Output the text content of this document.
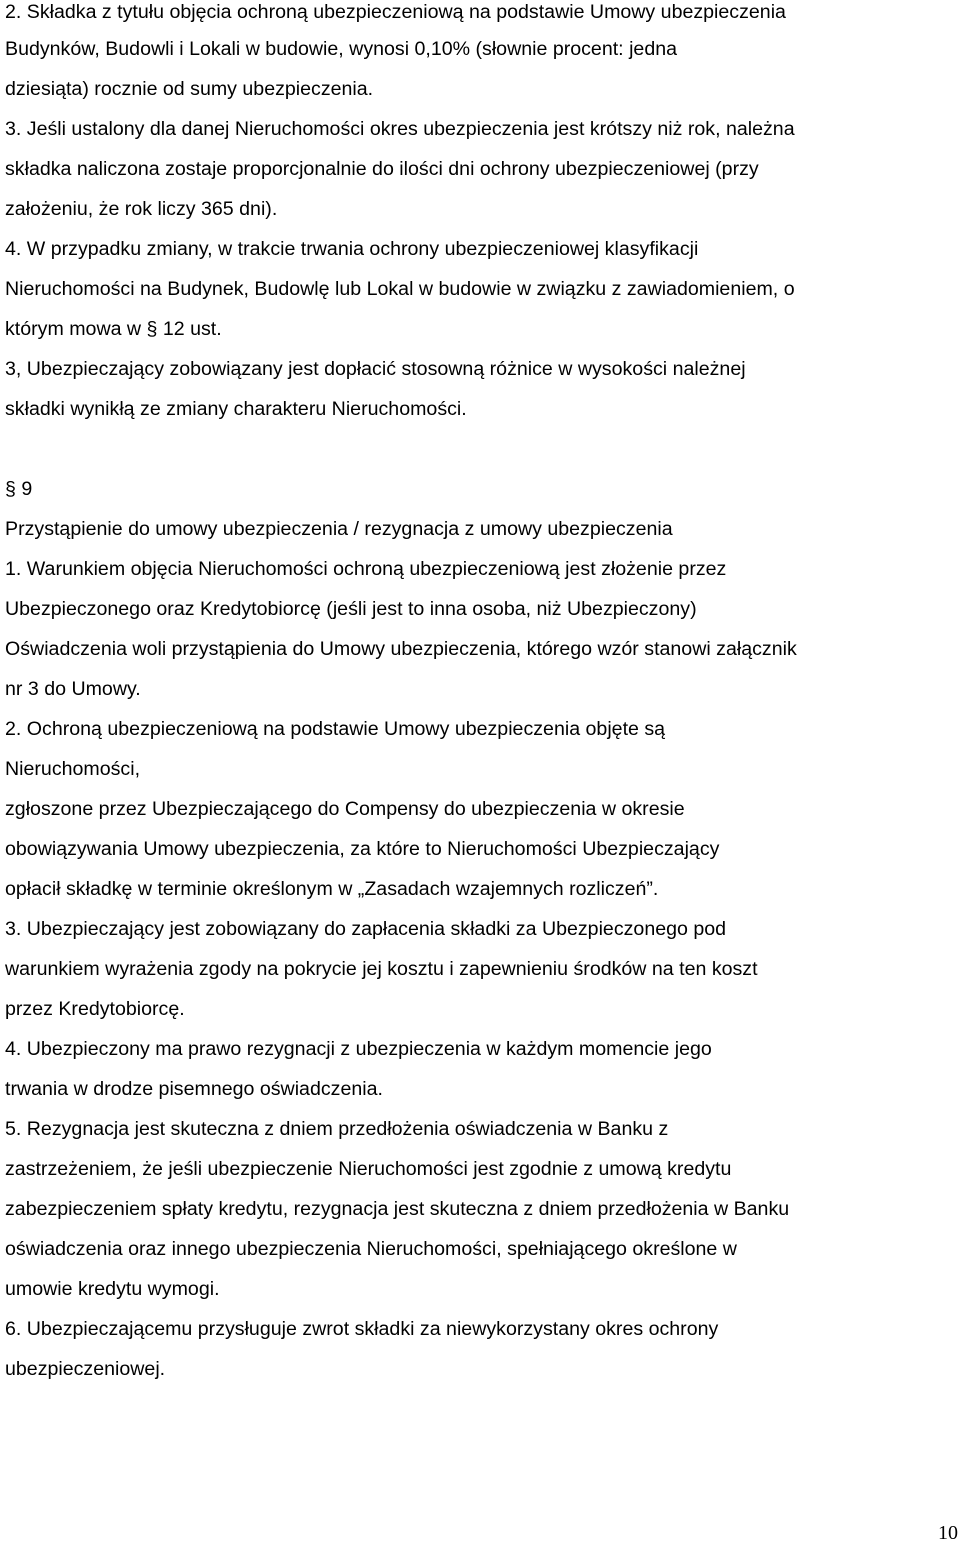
2. Składka z tytułu objęcia ochroną ubezpieczeniową na podstawie Umowy ubezpieczenia
Budynków, Budowli i Lokali w budowie, wynosi 0,10% (słownie procent: jedna
dziesiąta) rocznie od sumy ubezpieczenia.
3. Jeśli ustalony dla danej Nieruchomości okres ubezpieczenia jest krótszy niż rok, należna
składka naliczona zostaje proporcjonalnie do ilości dni ochrony ubezpieczeniowej (przy
założeniu, że rok liczy 365 dni).
4. W przypadku zmiany, w trakcie trwania ochrony ubezpieczeniowej klasyfikacji
Nieruchomości na Budynek, Budowlę lub Lokal w budowie w związku z zawiadomieniem, o
którym mowa w § 12 ust.
3, Ubezpieczający zobowiązany jest dopłacić stosowną różnice w wysokości należnej
składki wynikłą ze zmiany charakteru Nieruchomości.
§ 9
Przystąpienie do umowy ubezpieczenia / rezygnacja z umowy ubezpieczenia
1. Warunkiem objęcia Nieruchomości ochroną ubezpieczeniową jest złożenie przez
Ubezpieczonego oraz Kredytobiorcę (jeśli jest to inna osoba, niż Ubezpieczony)
Oświadczenia woli przystąpienia do Umowy ubezpieczenia, którego wzór stanowi załącznik
nr 3 do Umowy.
2. Ochroną ubezpieczeniową na podstawie Umowy ubezpieczenia objęte są
Nieruchomości,
zgłoszone przez Ubezpieczającego do Compensy do ubezpieczenia w okresie
obowiązywania Umowy ubezpieczenia, za które to Nieruchomości Ubezpieczający
opłacił składkę w terminie określonym w „Zasadach wzajemnych rozliczeń”.
3. Ubezpieczający jest zobowiązany do zapłacenia składki za Ubezpieczonego pod
warunkiem wyrażenia zgody na pokrycie jej kosztu i zapewnieniu środków na ten koszt
przez Kredytobiorcę.
4. Ubezpieczony ma prawo rezygnacji z ubezpieczenia w każdym momencie jego
trwania w drodze pisemnego oświadczenia.
5. Rezygnacja jest skuteczna z dniem przedłożenia oświadczenia w Banku z
zastrzeżeniem, że jeśli ubezpieczenie Nieruchomości jest zgodnie z umową kredytu
zabezpieczeniem spłaty kredytu, rezygnacja jest skuteczna z dniem przedłożenia w Banku
oświadczenia oraz innego ubezpieczenia Nieruchomości, spełniającego określone w
umowie kredytu wymogi.
6. Ubezpieczającemu przysługuje zwrot składki za niewykorzystany okres ochrony
ubezpieczeniowej.
10
